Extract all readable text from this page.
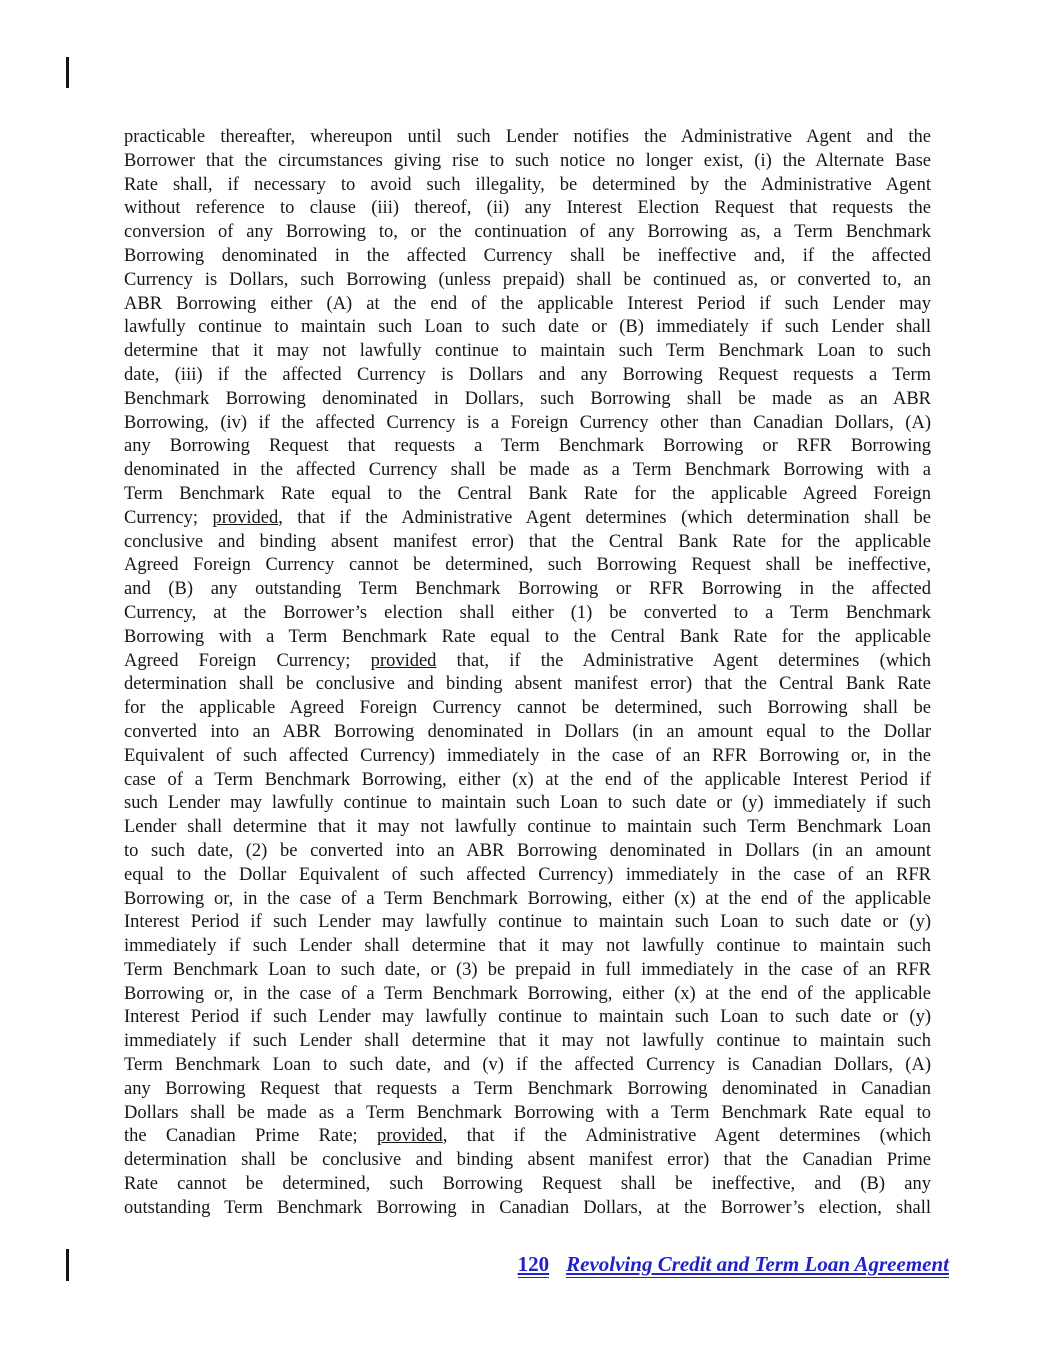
practicable thereafter, whereupon until such Lender notifies the Administrative Agent and the
Borrower that the circumstances giving rise to such notice no longer exist, (i) the Alternate Base
Rate shall, if necessary to avoid such illegality, be determined by the Administrative Agent
without reference to clause (iii) thereof, (ii) any Interest Election Request that requests the
conversion of any Borrowing to, or the continuation of any Borrowing as, a Term Benchmark
Borrowing denominated in the affected Currency shall be ineffective and, if the affected
Currency is Dollars, such Borrowing (unless prepaid) shall be continued as, or converted to, an
ABR Borrowing either (A) at the end of the applicable Interest Period if such Lender may
lawfully continue to maintain such Loan to such date or (B) immediately if such Lender shall
determine that it may not lawfully continue to maintain such Term Benchmark Loan to such
date, (iii) if the affected Currency is Dollars and any Borrowing Request requests a Term
Benchmark Borrowing denominated in Dollars, such Borrowing shall be made as an ABR
Borrowing, (iv) if the affected Currency is a Foreign Currency other than Canadian Dollars, (A)
any Borrowing Request that requests a Term Benchmark Borrowing or RFR Borrowing
denominated in the affected Currency shall be made as a Term Benchmark Borrowing with a
Term Benchmark Rate equal to the Central Bank Rate for the applicable Agreed Foreign
Currency; provided, that if the Administrative Agent determines (which determination shall be
conclusive and binding absent manifest error) that the Central Bank Rate for the applicable
Agreed Foreign Currency cannot be determined, such Borrowing Request shall be ineffective,
and (B) any outstanding Term Benchmark Borrowing or RFR Borrowing in the affected
Currency, at the Borrower’s election shall either (1) be converted to a Term Benchmark
Borrowing with a Term Benchmark Rate equal to the Central Bank Rate for the applicable
Agreed Foreign Currency; provided that, if the Administrative Agent determines (which
determination shall be conclusive and binding absent manifest error) that the Central Bank Rate
for the applicable Agreed Foreign Currency cannot be determined, such Borrowing shall be
converted into an ABR Borrowing denominated in Dollars (in an amount equal to the Dollar
Equivalent of such affected Currency) immediately in the case of an RFR Borrowing or, in the
case of a Term Benchmark Borrowing, either (x) at the end of the applicable Interest Period if
such Lender may lawfully continue to maintain such Loan to such date or (y) immediately if such
Lender shall determine that it may not lawfully continue to maintain such Term Benchmark Loan
to such date, (2) be converted into an ABR Borrowing denominated in Dollars (in an amount
equal to the Dollar Equivalent of such affected Currency) immediately in the case of an RFR
Borrowing or, in the case of a Term Benchmark Borrowing, either (x) at the end of the applicable
Interest Period if such Lender may lawfully continue to maintain such Loan to such date or (y)
immediately if such Lender shall determine that it may not lawfully continue to maintain such
Term Benchmark Loan to such date, or (3) be prepaid in full immediately in the case of an RFR
Borrowing or, in the case of a Term Benchmark Borrowing, either (x) at the end of the applicable
Interest Period if such Lender may lawfully continue to maintain such Loan to such date or (y)
immediately if such Lender shall determine that it may not lawfully continue to maintain such
Term Benchmark Loan to such date, and (v) if the affected Currency is Canadian Dollars, (A)
any Borrowing Request that requests a Term Benchmark Borrowing denominated in Canadian
Dollars shall be made as a Term Benchmark Borrowing with a Term Benchmark Rate equal to
the Canadian Prime Rate; provided, that if the Administrative Agent determines (which
determination shall be conclusive and binding absent manifest error) that the Canadian Prime
Rate cannot be determined, such Borrowing Request shall be ineffective, and (B) any
outstanding Term Benchmark Borrowing in Canadian Dollars, at the Borrower’s election, shall
120 Revolving Credit and Term Loan Agreement
